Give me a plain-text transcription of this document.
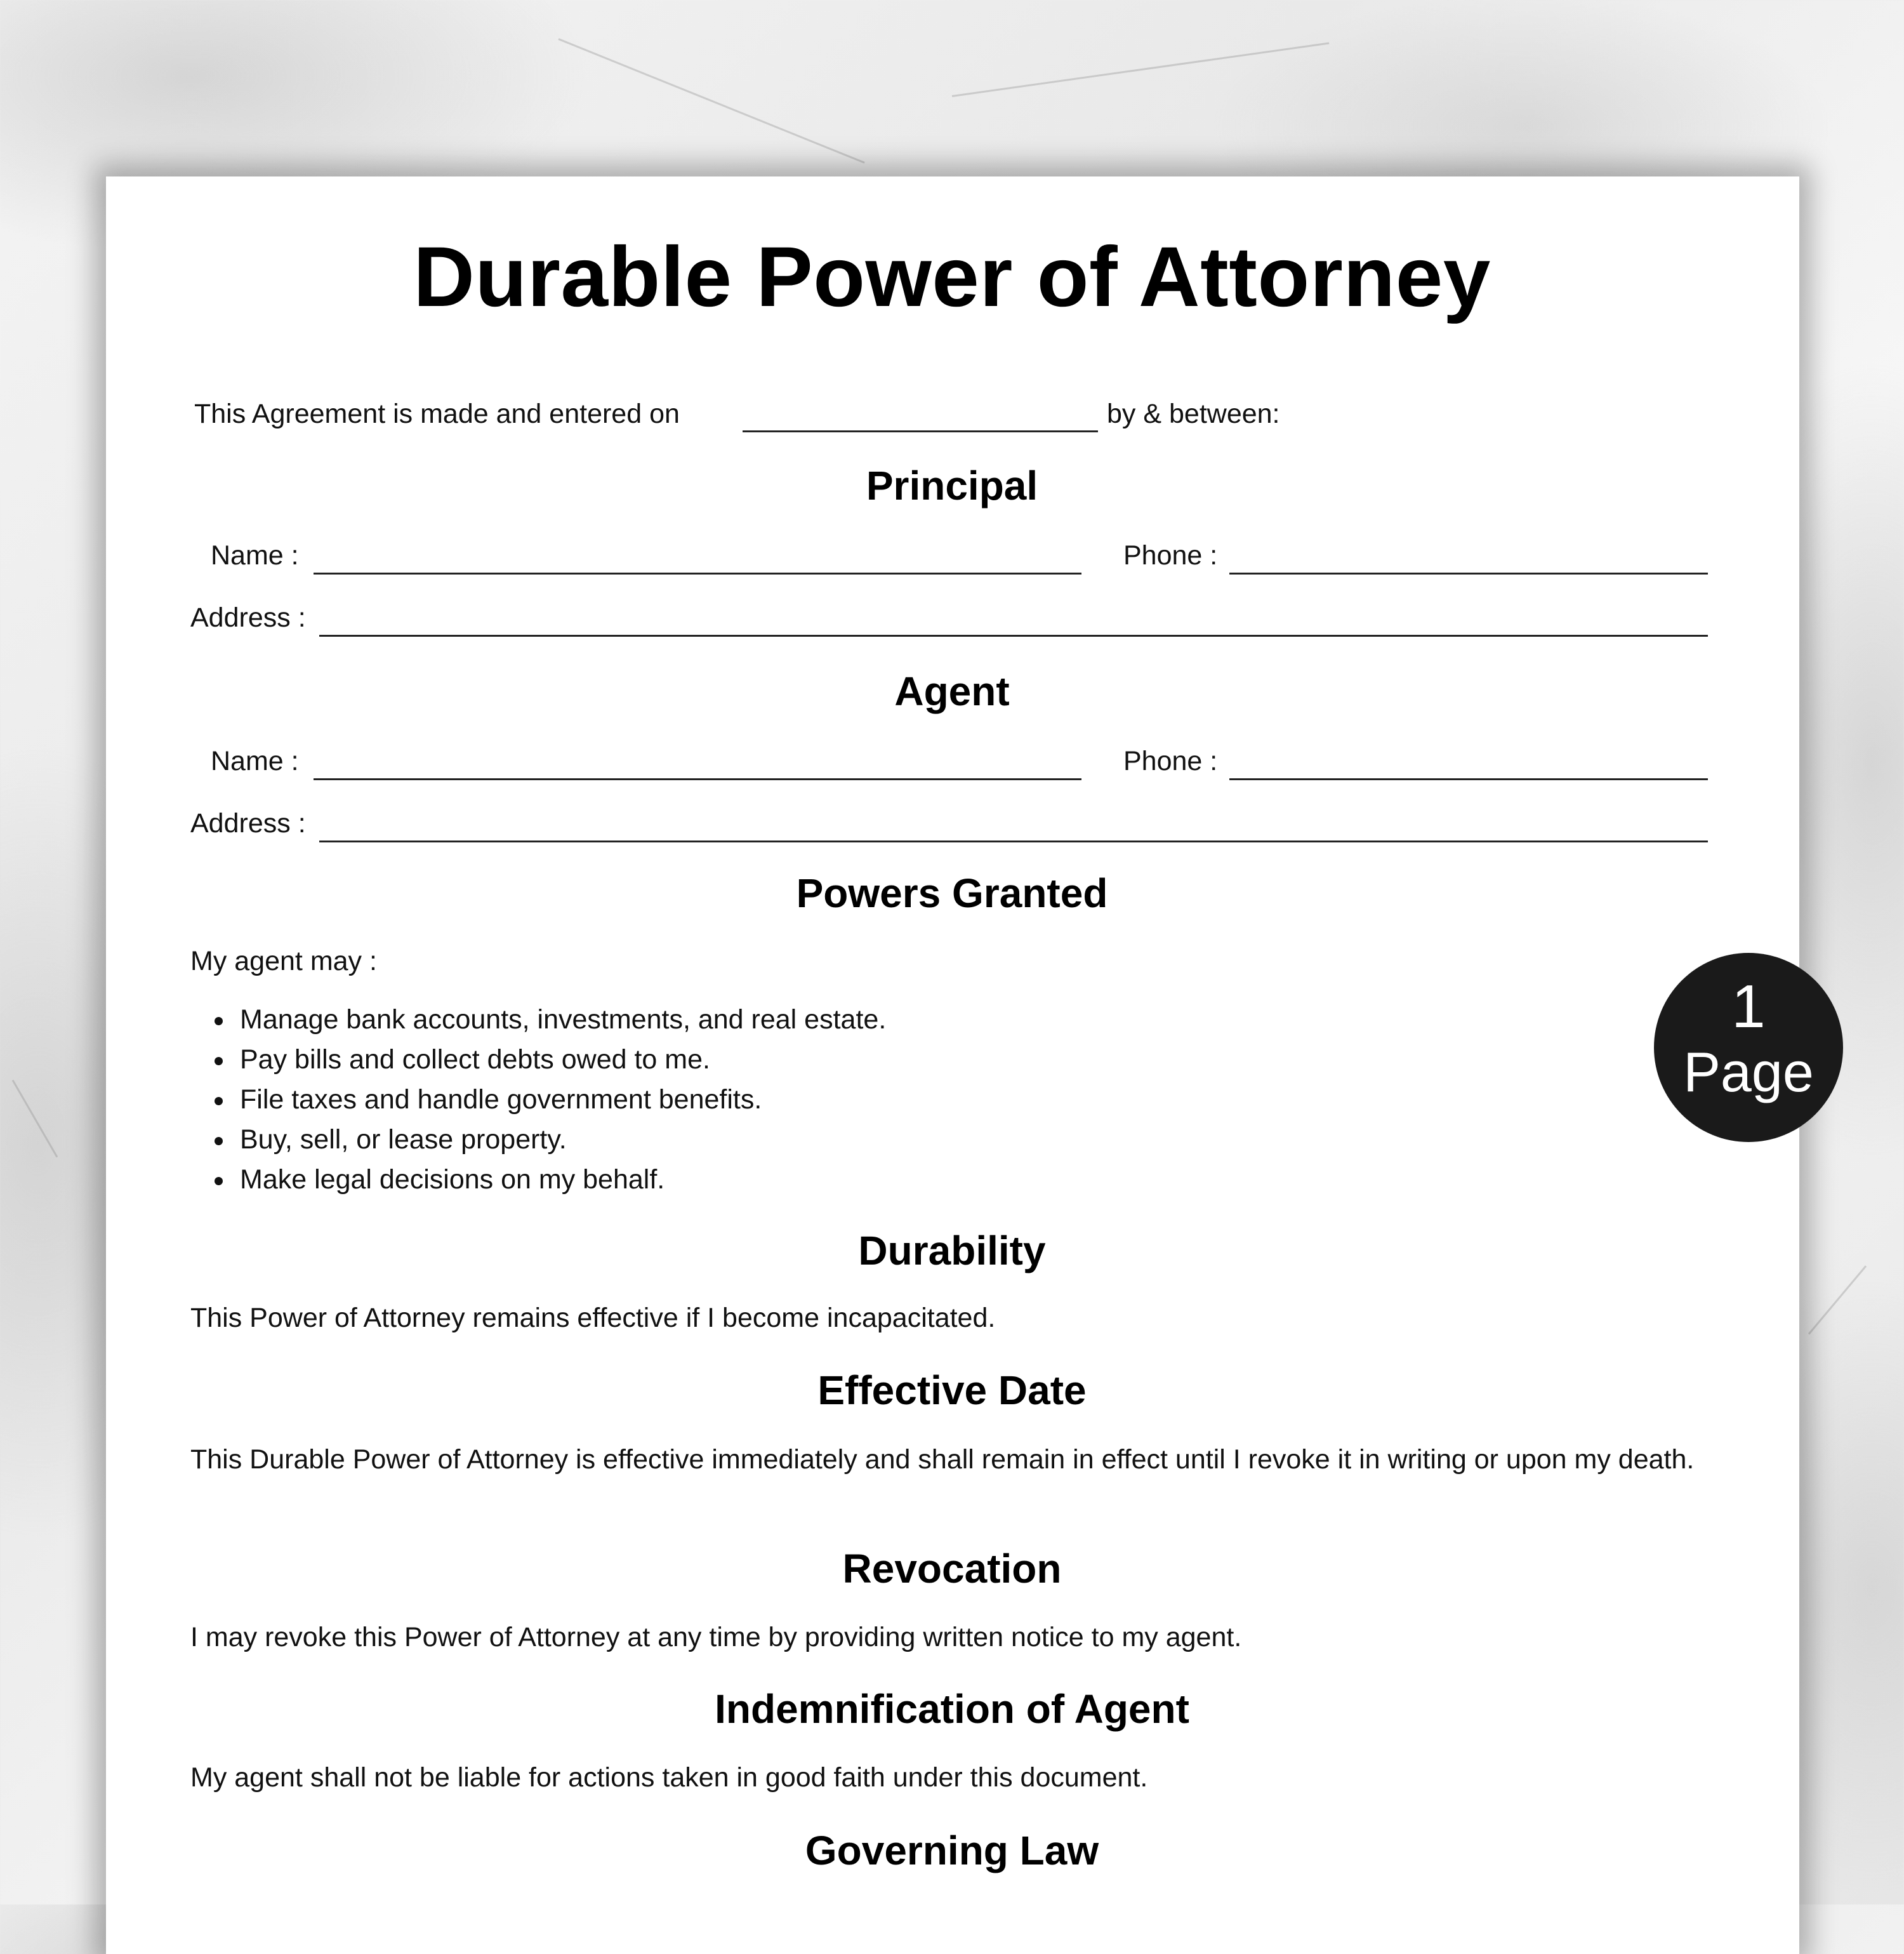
Durable Power of Attorney
This Agreement is made and entered on	by & between:
Principal
Name :	Phone :
Address :
Agent
Name :	Phone :
Address :
Powers Granted
My agent may :
Manage bank accounts, investments, and real estate.
Pay bills and collect debts owed to me.
File taxes and handle government benefits.
Buy, sell, or lease property.
Make legal decisions on my behalf.
Durability
This Power of Attorney remains effective if I become incapacitated.
Effective Date
This Durable Power of Attorney is effective immediately and shall remain in effect until I revoke it in writing or upon my death.
Revocation
I may revoke this Power of Attorney at any time by providing written notice to my agent.
Indemnification of Agent
My agent shall not be liable for actions taken in good faith under this document.
Governing Law
1
Page
